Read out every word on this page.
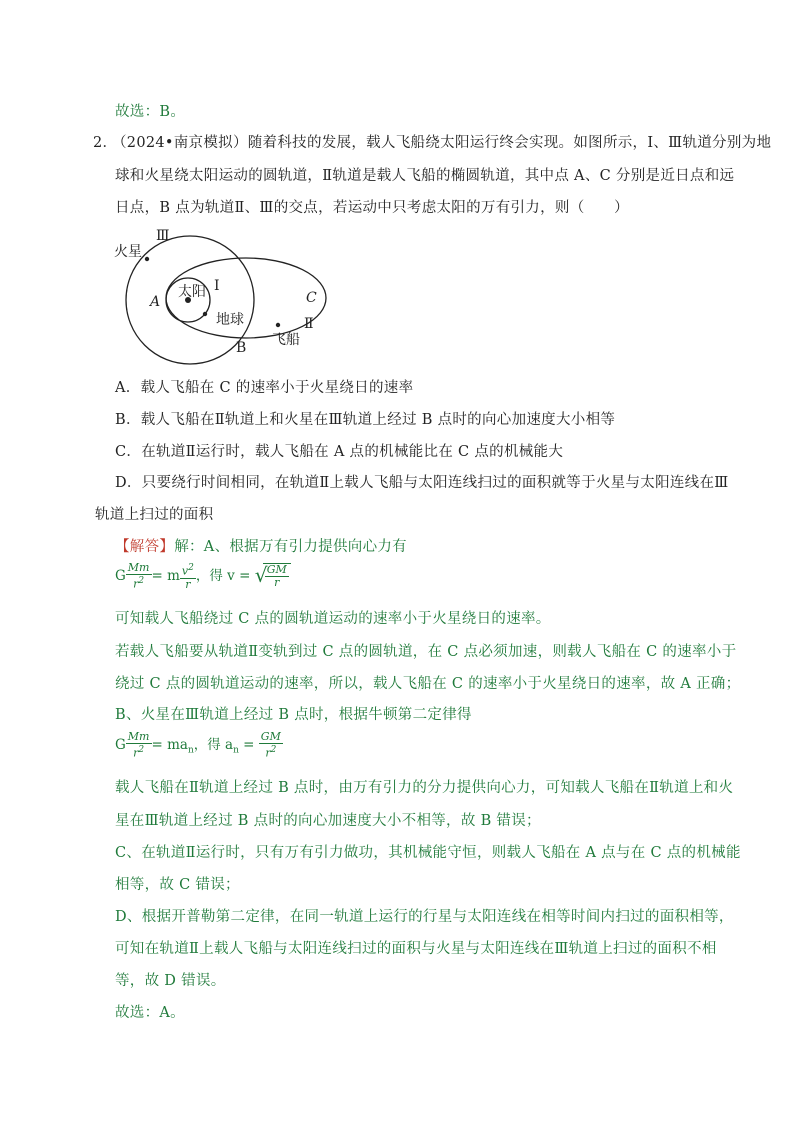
故选：B。
2．
（2024•南京模拟）随着科技的发展，载人飞船绕太阳运行终会实现。如图所示，Ⅰ、Ⅲ轨道分别为地
球和火星绕太阳运动的圆轨道，Ⅱ轨道是载人飞船的椭圆轨道，其中点 A、C 分别是近日点和远
日点，B 点为轨道Ⅱ、Ⅲ的交点，若运动中只考虑太阳的万有引力，则（　　）
Ⅲ
火星
太阳 I
A	C
Ⅱ
地球
B 飞船
A．载人飞船在 C 的速率小于火星绕日的速率
B．载人飞船在Ⅱ轨道上和火星在Ⅲ轨道上经过 B 点时的向心加速度大小相等
C．在轨道Ⅱ运行时，载人飞船在 A 点的机械能比在 C 点的机械能大
D．只要绕行时间相同，在轨道Ⅱ上载人飞船与太阳连线扫过的面积就等于火星与太阳连线在Ⅲ
轨道上扫过的面积
【解答】解：A、根据万有引力提供向心力有
G $\frac{Mm}{r^2} = m \frac{v^2}{r}$ ，得 v = √
$\frac{GM}{r}$
可知载人飞船绕过 C 点的圆轨道运动的速率小于火星绕日的速率。
若载人飞船要从轨道Ⅱ变轨到过 C 点的圆轨道，在 C 点必须加速，则载人飞船在 C 的速率小于
绕过 C 点的圆轨道运动的速率，所以，载人飞船在 C 的速率小于火星绕日的速率，故 A 正确；
B、火星在Ⅲ轨道上经过 B 点时，根据牛顿第二定律得
G $\frac{Mm}{r^2} = ma_n$，得 $a_n = \frac{GM}{r^2}$
载人飞船在Ⅱ轨道上经过 B 点时，由万有引力的分力提供向心力，可知载人飞船在Ⅱ轨道上和火
星在Ⅲ轨道上经过 B 点时的向心加速度大小不相等，故 B 错误；
C、在轨道Ⅱ运行时，只有万有引力做功，其机械能守恒，则载人飞船在 A 点与在 C 点的机械能
相等，故 C 错误；
D、根据开普勒第二定律，在同一轨道上运行的行星与太阳连线在相等时间内扫过的面积相等，
可知在轨道Ⅱ上载人飞船与太阳连线扫过的面积与火星与太阳连线在Ⅲ轨道上扫过的面积不相
等，故 D 错误。
故选：A。
